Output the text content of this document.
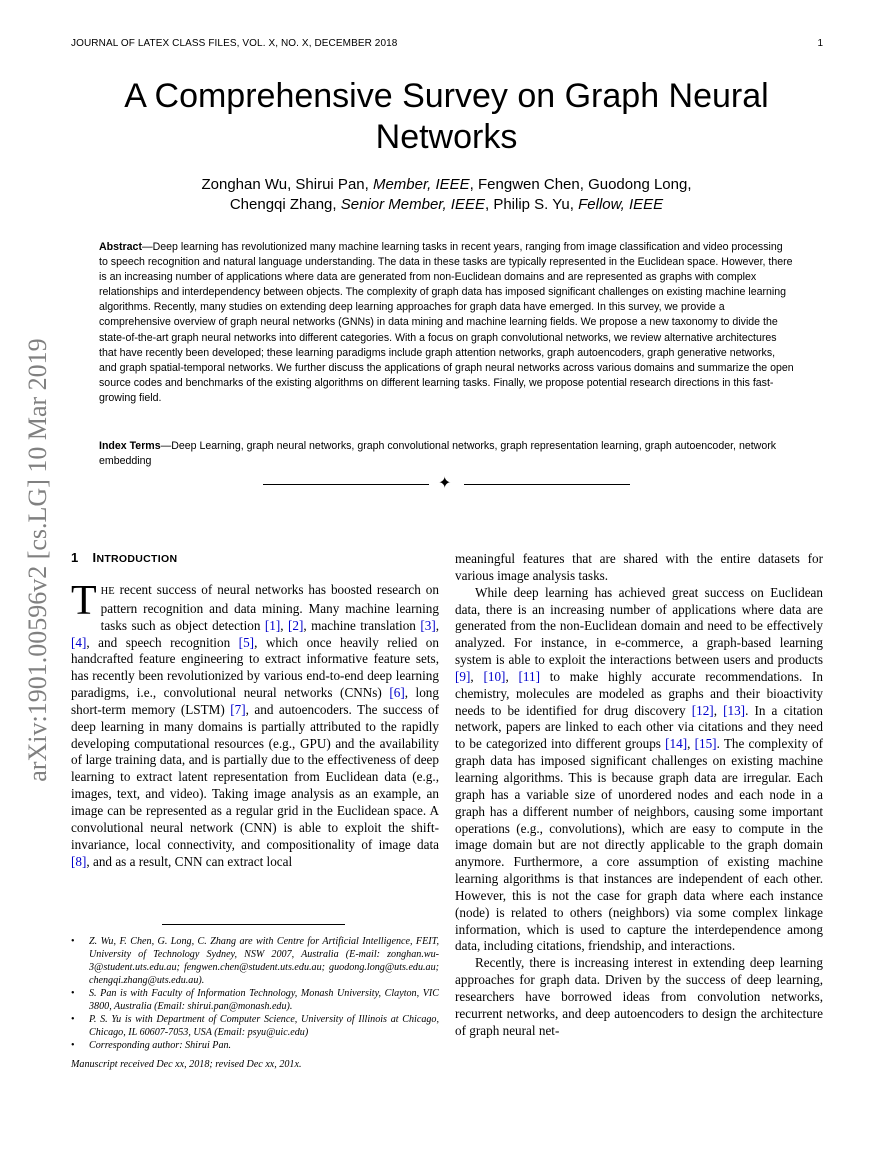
JOURNAL OF LATEX CLASS FILES, VOL. X, NO. X, DECEMBER 2018	1
arXiv:1901.00596v2 [cs.LG] 10 Mar 2019
A Comprehensive Survey on Graph Neural Networks
Zonghan Wu, Shirui Pan, Member, IEEE, Fengwen Chen, Guodong Long,
Chengqi Zhang, Senior Member, IEEE, Philip S. Yu, Fellow, IEEE
Abstract—Deep learning has revolutionized many machine learning tasks in recent years, ranging from image classification and video processing to speech recognition and natural language understanding. The data in these tasks are typically represented in the Euclidean space. However, there is an increasing number of applications where data are generated from non-Euclidean domains and are represented as graphs with complex relationships and interdependency between objects. The complexity of graph data has imposed significant challenges on existing machine learning algorithms. Recently, many studies on extending deep learning approaches for graph data have emerged. In this survey, we provide a comprehensive overview of graph neural networks (GNNs) in data mining and machine learning fields. We propose a new taxonomy to divide the state-of-the-art graph neural networks into different categories. With a focus on graph convolutional networks, we review alternative architectures that have recently been developed; these learning paradigms include graph attention networks, graph autoencoders, graph generative networks, and graph spatial-temporal networks. We further discuss the applications of graph neural networks across various domains and summarize the open source codes and benchmarks of the existing algorithms on different learning tasks. Finally, we propose potential research directions in this fast-growing field.
Index Terms—Deep Learning, graph neural networks, graph convolutional networks, graph representation learning, graph autoencoder, network embedding
✦
1 INTRODUCTION

THE recent success of neural networks has boosted research on pattern recognition and data mining. Many machine learning tasks such as object detection [1], [2], machine translation [3], [4], and speech recognition [5], which once heavily relied on handcrafted feature engineering to extract informative feature sets, has recently been revolutionized by various end-to-end deep learning paradigms, i.e., convolutional neural networks (CNNs) [6], long short-term memory (LSTM) [7], and autoencoders. The success of deep learning in many domains is partially attributed to the rapidly developing computational resources (e.g., GPU) and the availability of large training data, and is partially due to the effectiveness of deep learning to extract latent representation from Euclidean data (e.g., images, text, and video). Taking image analysis as an example, an image can be represented as a regular grid in the Euclidean space. A convolutional neural network (CNN) is able to exploit the shift-invariance, local connectivity, and compositionality of image data [8], and as a result, CNN can extract local

meaningful features that are shared with the entire datasets for various image analysis tasks.

While deep learning has achieved great success on Euclidean data, there is an increasing number of applications where data are generated from the non-Euclidean domain and need to be effectively analyzed. For instance, in e-commerce, a graph-based learning system is able to exploit the interactions between users and products [9], [10], [11] to make highly accurate recommendations. In chemistry, molecules are modeled as graphs and their bioactivity needs to be identified for drug discovery [12], [13]. In a citation network, papers are linked to each other via citations and they need to be categorized into different groups [14], [15]. The complexity of graph data has imposed significant challenges on existing machine learning algorithms. This is because graph data are irregular. Each graph has a variable size of unordered nodes and each node in a graph has a different number of neighbors, causing some important operations (e.g., convolutions), which are easy to compute in the image domain but are not directly applicable to the graph domain anymore. Furthermore, a core assumption of existing machine learning algorithms is that instances are independent of each other. However, this is not the case for graph data where each instance (node) is related to others (neighbors) via some complex linkage information, which is used to capture the interdependence among data, including citations, friendship, and interactions.

Recently, there is increasing interest in extending deep learning approaches for graph data. Driven by the success of deep learning, researchers have borrowed ideas from convolution networks, recurrent networks, and deep autoencoders to design the architecture of graph neural net-

• Z. Wu, F. Chen, G. Long, C. Zhang are with Centre for Artificial Intelligence, FEIT, University of Technology Sydney, NSW 2007, Australia (E-mail: zonghan.wu-3@student.uts.edu.au; fengwen.chen@student.uts.edu.au; guodong.long@uts.edu.au; chengqi.zhang@uts.edu.au).
• S. Pan is with Faculty of Information Technology, Monash University, Clayton, VIC 3800, Australia (Email: shirui.pan@monash.edu).
• P. S. Yu is with Department of Computer Science, University of Illinois at Chicago, Chicago, IL 60607-7053, USA (Email: psyu@uic.edu)
• Corresponding author: Shirui Pan.
Manuscript received Dec xx, 2018; revised Dec xx, 201x.
